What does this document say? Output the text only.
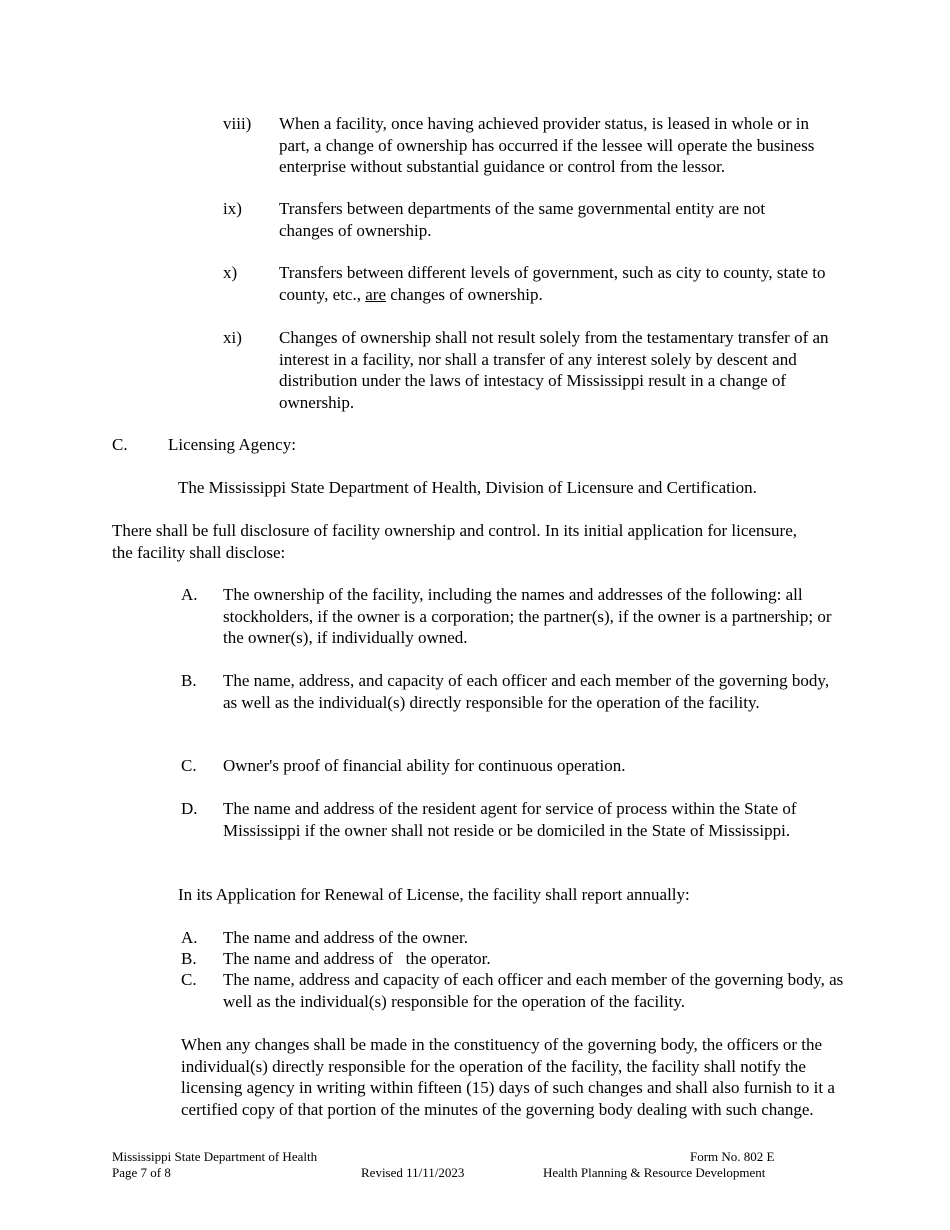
viii) When a facility, once having achieved provider status, is leased in whole or in part, a change of ownership has occurred if the lessee will operate the business enterprise without substantial guidance or control from the lessor.
ix) Transfers between departments of the same governmental entity are not changes of ownership.
x) Transfers between different levels of government, such as city to county, state to county, etc., are changes of ownership.
xi) Changes of ownership shall not result solely from the testamentary transfer of an interest in a facility, nor shall a transfer of any interest solely by descent and distribution under the laws of intestacy of Mississippi result in a change of ownership.
C. Licensing Agency:
The Mississippi State Department of Health, Division of Licensure and Certification.
There shall be full disclosure of facility ownership and control. In its initial application for licensure, the facility shall disclose:
A. The ownership of the facility, including the names and addresses of the following: all stockholders, if the owner is a corporation; the partner(s), if the owner is a partnership; or the owner(s), if individually owned.
B. The name, address, and capacity of each officer and each member of the governing body, as well as the individual(s) directly responsible for the operation of the facility.
C. Owner's proof of financial ability for continuous operation.
D. The name and address of the resident agent for service of process within the State of Mississippi if the owner shall not reside or be domiciled in the State of Mississippi.
In its Application for Renewal of License, the facility shall report annually:
A. The name and address of the owner.
B. The name and address of   the operator.
C. The name, address and capacity of each officer and each member of the governing body, as well as the individual(s) responsible for the operation of the facility.
When any changes shall be made in the constituency of the governing body, the officers or the individual(s) directly responsible for the operation of the facility, the facility shall notify the licensing agency in writing within fifteen (15) days of such changes and shall also furnish to it a certified copy of that portion of the minutes of the governing body dealing with such change.
Mississippi State Department of Health
Page 7 of 8	Revised 11/11/2023
Form No. 802 E
Health Planning & Resource Development
